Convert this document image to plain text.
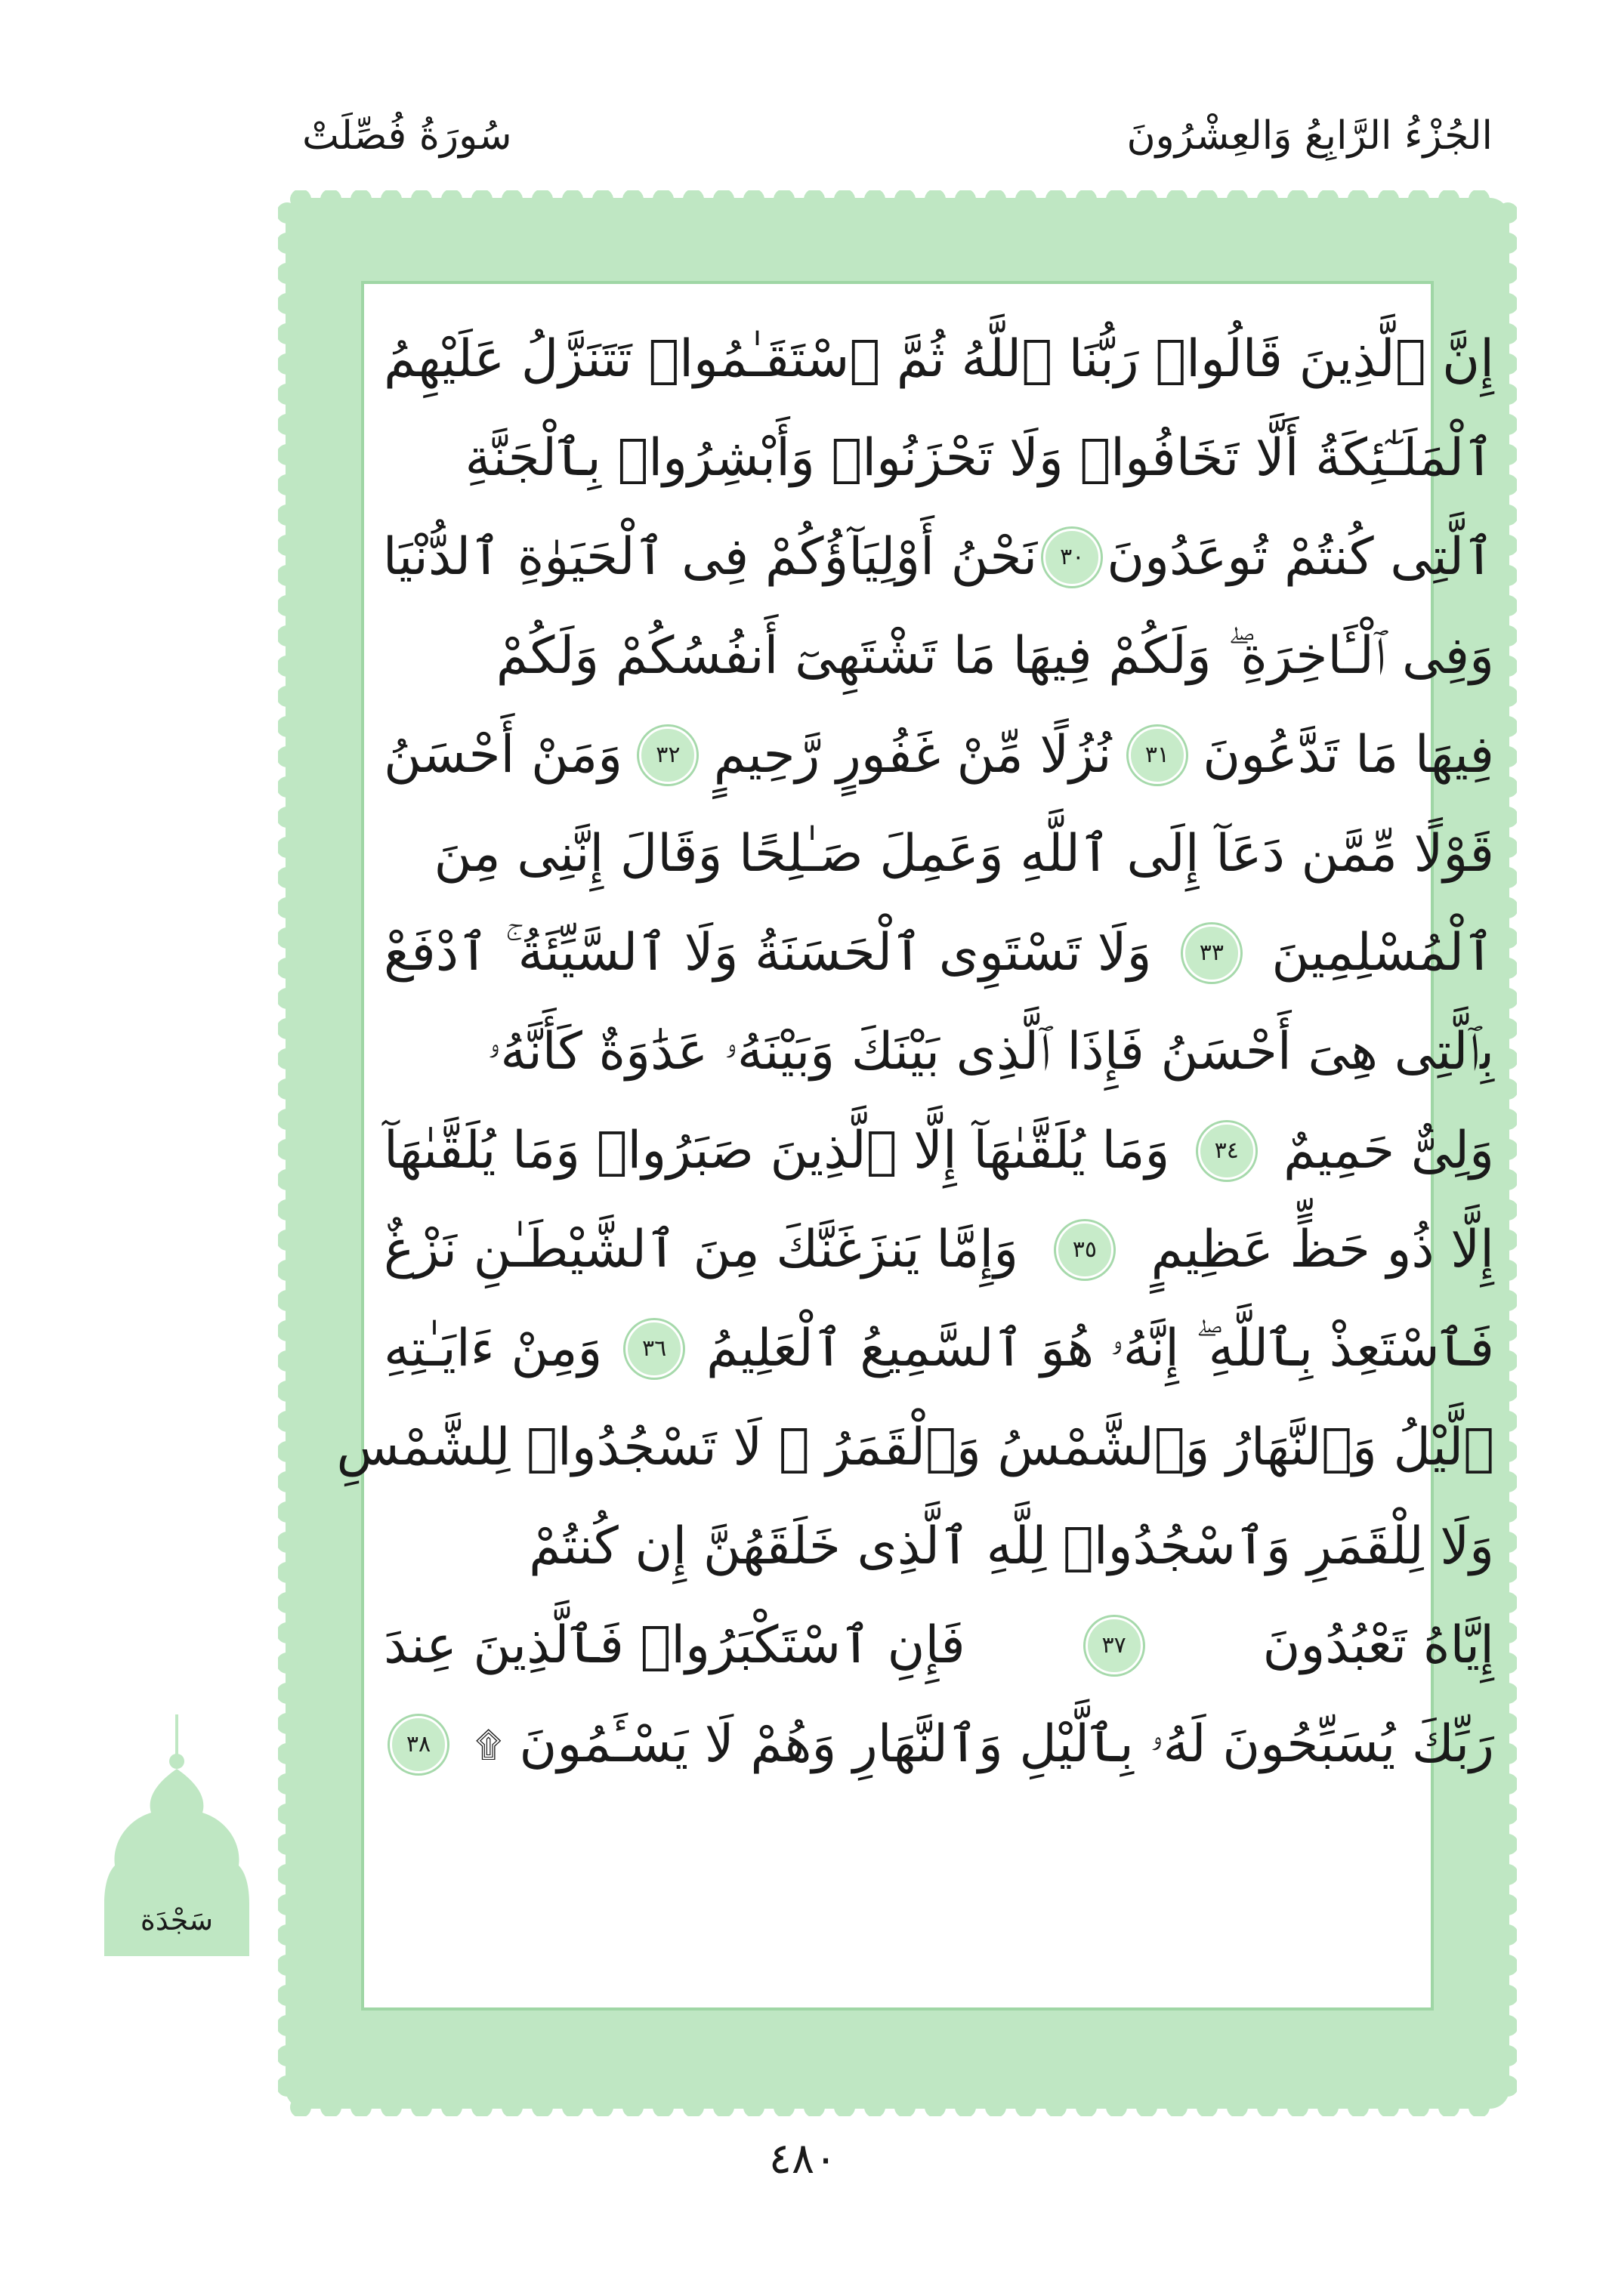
الجُزْءُ الرَّابِعُ وَالعِشْرُونَ
سُورَةُ فُصِّلَتْ
إِنَّ ٱلَّذِينَ قَالُوا۟ رَبُّنَا ٱللَّهُ ثُمَّ ٱسْتَقَـٰمُوا۟ تَتَنَزَّلُ عَلَيْهِمُ
ٱلْمَلَـٰٓئِكَةُ أَلَّا تَخَافُوا۟ وَلَا تَحْزَنُوا۟ وَأَبْشِرُوا۟ بِٱلْجَنَّةِ
ٱلَّتِى كُنتُمْ تُوعَدُونَ
٣٠
نَحْنُ أَوْلِيَآؤُكُمْ فِى ٱلْحَيَوٰةِ ٱلدُّنْيَا
وَفِى ٱلْـَٔاخِرَةِ ۖ وَلَكُمْ فِيهَا مَا تَشْتَهِىٓ أَنفُسُكُمْ وَلَكُمْ
فِيهَا مَا تَدَّعُونَ
٣١
نُزُلًا مِّنْ غَفُورٍ رَّحِيمٍ
٣٢
وَمَنْ أَحْسَنُ
قَوْلًا مِّمَّن دَعَآ إِلَى ٱللَّهِ وَعَمِلَ صَـٰلِحًا وَقَالَ إِنَّنِى مِنَ
ٱلْمُسْلِمِينَ
٣٣
وَلَا تَسْتَوِى ٱلْحَسَنَةُ وَلَا ٱلسَّيِّئَةُ ۚ ٱدْفَعْ
بِٱلَّتِى هِىَ أَحْسَنُ فَإِذَا ٱلَّذِى بَيْنَكَ وَبَيْنَهُۥ عَدَٰوَةٌ كَأَنَّهُۥ
وَلِىٌّ حَمِيمٌ
٣٤
وَمَا يُلَقَّىٰهَآ إِلَّا ٱلَّذِينَ صَبَرُوا۟ وَمَا يُلَقَّىٰهَآ
إِلَّا ذُو حَظٍّ عَظِيمٍ
٣٥
وَإِمَّا يَنزَغَنَّكَ مِنَ ٱلشَّيْطَـٰنِ نَزْغٌ
فَٱسْتَعِذْ بِٱللَّهِ ۖ إِنَّهُۥ هُوَ ٱلسَّمِيعُ ٱلْعَلِيمُ
٣٦
وَمِنْ ءَايَـٰتِهِ
ٱلَّيْلُ وَٱلنَّهَارُ وَٱلشَّمْسُ وَٱلْقَمَرُ ۚ لَا تَسْجُدُوا۟ لِلشَّمْسِ
وَلَا لِلْقَمَرِ وَٱسْجُدُوا۟ لِلَّهِ ٱلَّذِى خَلَقَهُنَّ إِن كُنتُمْ
إِيَّاهُ تَعْبُدُونَ
٣٧
فَإِنِ ٱسْتَكْبَرُوا۟ فَٱلَّذِينَ عِندَ
رَبِّكَ يُسَبِّحُونَ لَهُۥ بِٱلَّيْلِ وَٱلنَّهَارِ وَهُمْ لَا يَسْـَٔمُونَ
۩
٣٨
سَجْدَة
٤٨٠
